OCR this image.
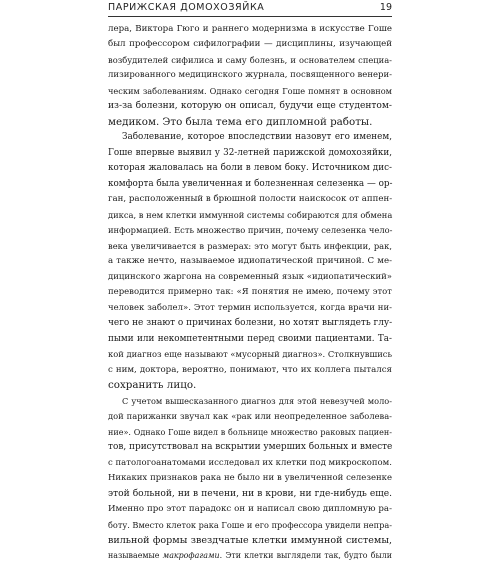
ПАРИЖСКАЯ ДОМОХОЗЯЙКА	19
лера, Виктора Гюго и раннего модернизма в искусстве Гоше
был профессором сифилографии — дисциплины, изучающей
возбудителей сифилиса и саму болезнь, и основателем специа-
лизированного медицинского журнала, посвященного венери-
ческим заболеваниям. Однако сегодня Гоше помнят в основном
из-за болезни, которую он описал, будучи еще студентом-
медиком. Это была тема его дипломной работы.
Заболевание, которое впоследствии назовут его именем,
Гоше впервые выявил у 32-летней парижской домохозяйки,
которая жаловалась на боли в левом боку. Источником дис-
комфорта была увеличенная и болезненная селезенка — ор-
ган, расположенный в брюшной полости наискосок от аппен-
дикса, в нем клетки иммунной системы собираются для обмена
информацией. Есть множество причин, почему селезенка чело-
века увеличивается в размерах: это могут быть инфекции, рак,
а также нечто, называемое идиопатической причиной. С ме-
дицинского жаргона на современный язык «идиопатический»
переводится примерно так: «Я понятия не имею, почему этот
человек заболел». Этот термин используется, когда врачи ни-
чего не знают о причинах болезни, но хотят выглядеть глу-
пыми или некомпетентными перед своими пациентами. Та-
кой диагноз еще называют «мусорный диагноз». Столкнувшись
с ним, доктора, вероятно, понимают, что их коллега пытался
сохранить лицо.
С учетом вышесказанного диагноз для этой невезучей моло-
дой парижанки звучал как «рак или неопределенное заболева-
ние». Однако Гоше видел в больнице множество раковых пациен-
тов, присутствовал на вскрытии умерших больных и вместе
с патологоанатомами исследовал их клетки под микроскопом.
Никаких признаков рака не было ни в увеличенной селезенке
этой больной, ни в печени, ни в крови, ни где-нибудь еще.
Именно про этот парадокс он и написал свою дипломную ра-
боту. Вместо клеток рака Гоше и его профессора увидели непра-
вильной формы звездчатые клетки иммунной системы,
называемые макрофагами. Эти клетки выглядели так, будто были
